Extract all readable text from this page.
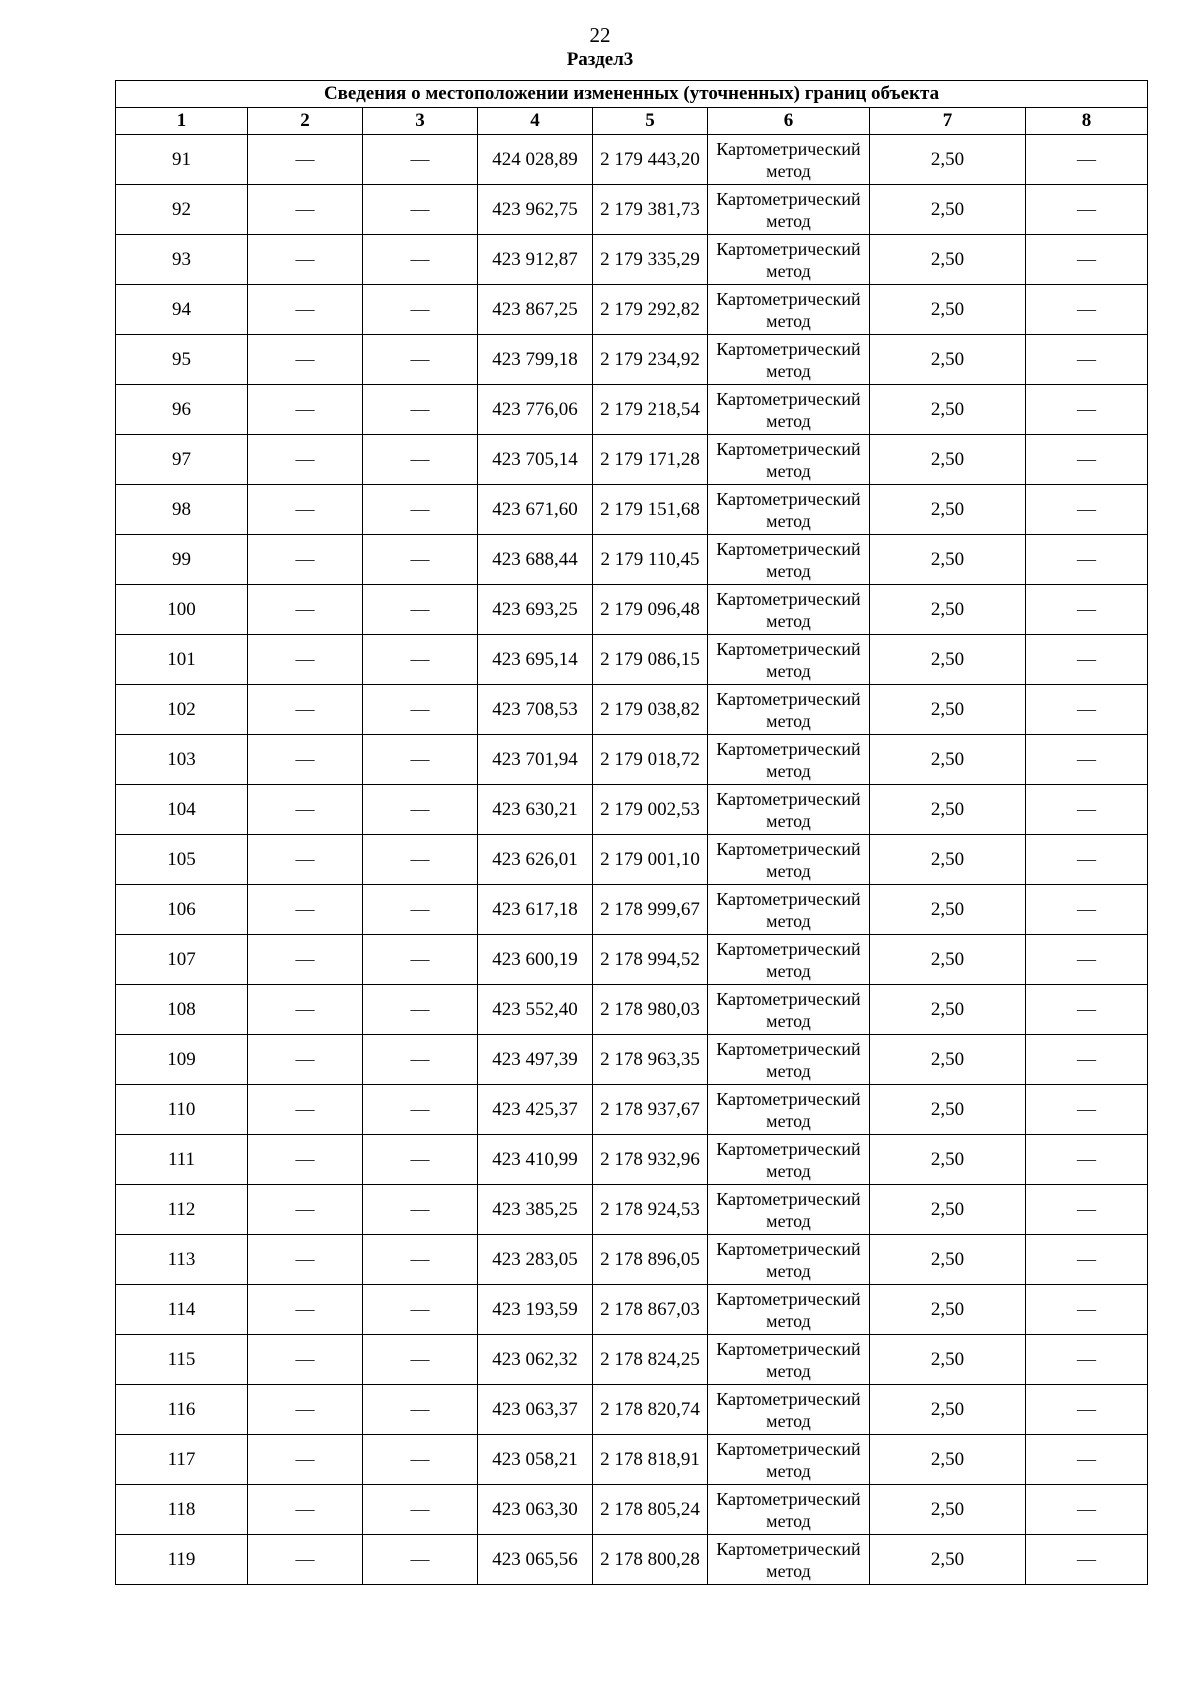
22
Раздел3
Сведения о местоположении измененных (уточненных) границ объекта							
1	2	3	4	5	6	7	8
91	—	—	424 028,89	2 179 443,20	Картометрический метод	2,50	—
92	—	—	423 962,75	2 179 381,73	Картометрический метод	2,50	—
93	—	—	423 912,87	2 179 335,29	Картометрический метод	2,50	—
94	—	—	423 867,25	2 179 292,82	Картометрический метод	2,50	—
95	—	—	423 799,18	2 179 234,92	Картометрический метод	2,50	—
96	—	—	423 776,06	2 179 218,54	Картометрический метод	2,50	—
97	—	—	423 705,14	2 179 171,28	Картометрический метод	2,50	—
98	—	—	423 671,60	2 179 151,68	Картометрический метод	2,50	—
99	—	—	423 688,44	2 179 110,45	Картометрический метод	2,50	—
100	—	—	423 693,25	2 179 096,48	Картометрический метод	2,50	—
101	—	—	423 695,14	2 179 086,15	Картометрический метод	2,50	—
102	—	—	423 708,53	2 179 038,82	Картометрический метод	2,50	—
103	—	—	423 701,94	2 179 018,72	Картометрический метод	2,50	—
104	—	—	423 630,21	2 179 002,53	Картометрический метод	2,50	—
105	—	—	423 626,01	2 179 001,10	Картометрический метод	2,50	—
106	—	—	423 617,18	2 178 999,67	Картометрический метод	2,50	—
107	—	—	423 600,19	2 178 994,52	Картометрический метод	2,50	—
108	—	—	423 552,40	2 178 980,03	Картометрический метод	2,50	—
109	—	—	423 497,39	2 178 963,35	Картометрический метод	2,50	—
110	—	—	423 425,37	2 178 937,67	Картометрический метод	2,50	—
111	—	—	423 410,99	2 178 932,96	Картометрический метод	2,50	—
112	—	—	423 385,25	2 178 924,53	Картометрический метод	2,50	—
113	—	—	423 283,05	2 178 896,05	Картометрический метод	2,50	—
114	—	—	423 193,59	2 178 867,03	Картометрический метод	2,50	—
115	—	—	423 062,32	2 178 824,25	Картометрический метод	2,50	—
116	—	—	423 063,37	2 178 820,74	Картометрический метод	2,50	—
117	—	—	423 058,21	2 178 818,91	Картометрический метод	2,50	—
118	—	—	423 063,30	2 178 805,24	Картометрический метод	2,50	—
119	—	—	423 065,56	2 178 800,28	Картометрический метод	2,50	—
